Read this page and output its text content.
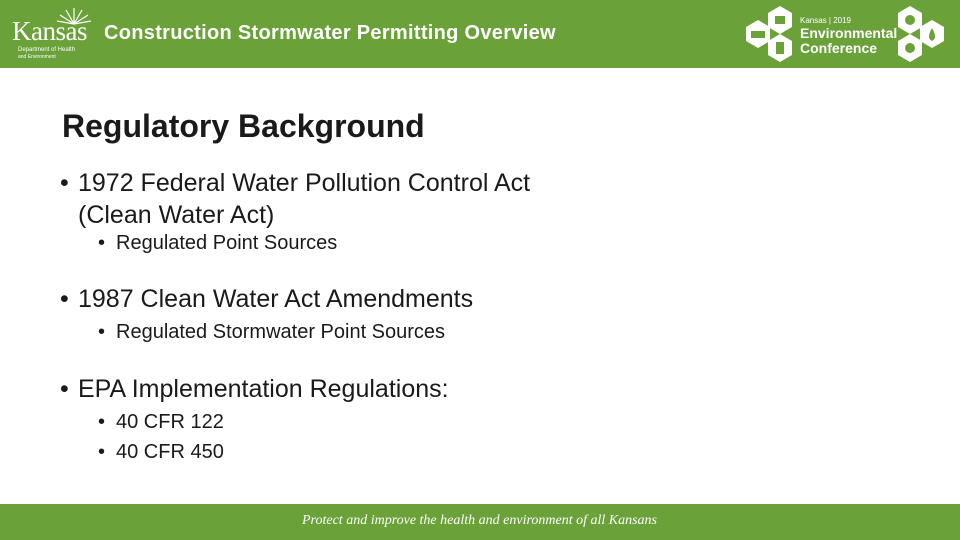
Kansas
Department of Health
and Environment
Construction Stormwater Permitting Overview
Kansas | 2019
Environmental
Conference
Regulatory Background
• 1972 Federal Water Pollution Control Act
(Clean Water Act)
• Regulated Point Sources
• 1987 Clean Water Act Amendments
• Regulated Stormwater Point Sources
• EPA Implementation Regulations:
• 40 CFR 122
• 40 CFR 450
Protect and improve the health and environment of all Kansans
